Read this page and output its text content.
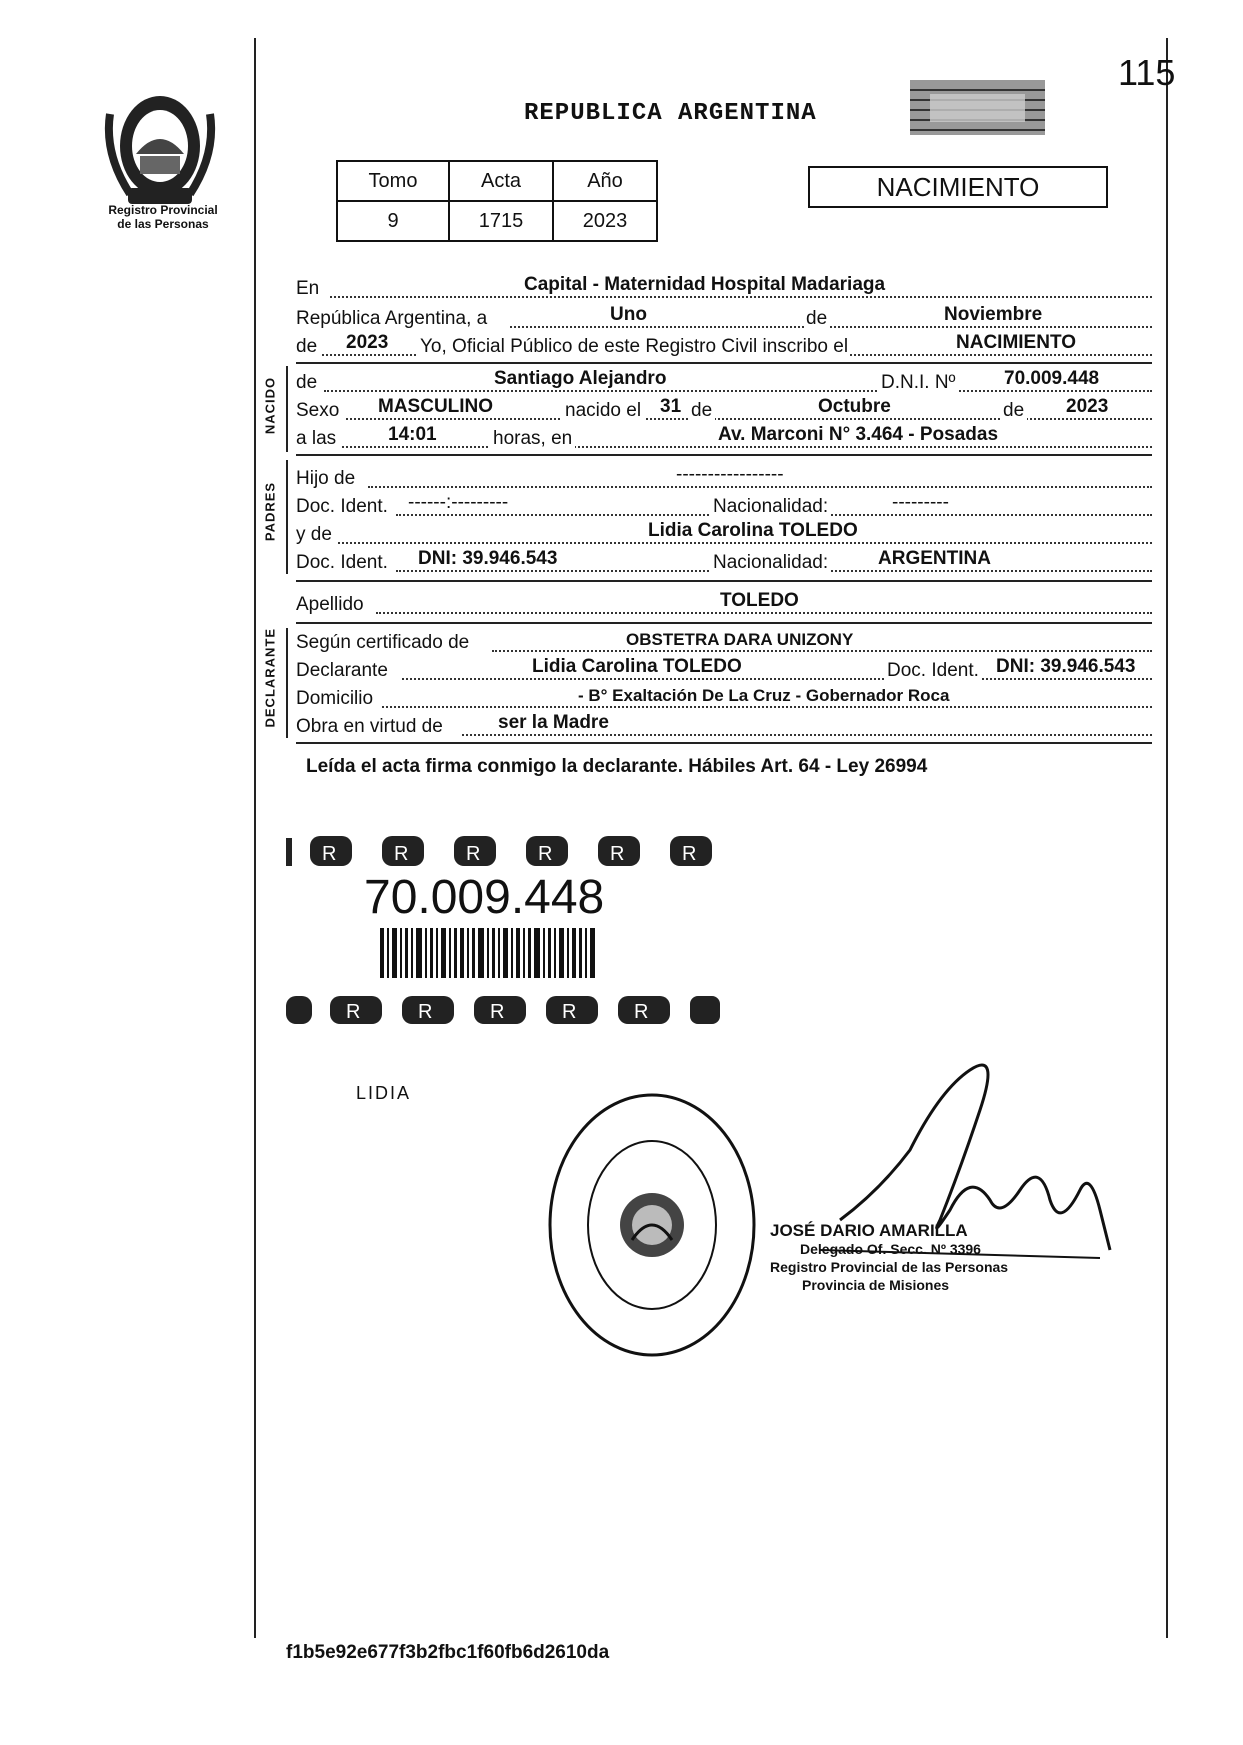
Registro Provincial
de las Personas
115
REPUBLICA ARGENTINA
Tomo	Acta	Año
9	1715	2023
NACIMIENTO
En	Capital - Maternidad Hospital Madariaga
República Argentina, a	Uno	de	Noviembre
de 2023 Yo, Oficial Público de este Registro Civil inscribo el	NACIMIENTO
NACIDO de	Santiago Alejandro	D.N.I. Nº	70.009.448
Sexo MASCULINO	nacido el 31 de	Octubre	de 2023
a las	14:01	horas, en	Av. Marconi N° 3.464 - Posadas
PADRES
Hijo de	-----------------
Doc. Ident. ------:---------	Nacionalidad:	---------
y de	Lidia Carolina TOLEDO
Doc. Ident. DNI: 39.946.543	Nacionalidad:	ARGENTINA
Apellido	TOLEDO
DECLARANTE Según certificado de	OBSTETRA DARA UNIZONY
Declarante	Lidia Carolina TOLEDO	Doc. Ident. DNI: 39.946.543
Domicilio	- B° Exaltación De La Cruz - Gobernador Roca
Obra en virtud de	ser la Madre
Leída el acta firma conmigo la declarante. Hábiles Art. 64 - Ley 26994
R	R	R	R	R	R
70.009.448
R	R	R	R	R
LIDIA
JOSÉ DARIO AMARILLA
Delegado Of. Secc. Nº 3396
Registro Provincial de las Personas
Provincia de Misiones
f1b5e92e677f3b2fbc1f60fb6d2610da
